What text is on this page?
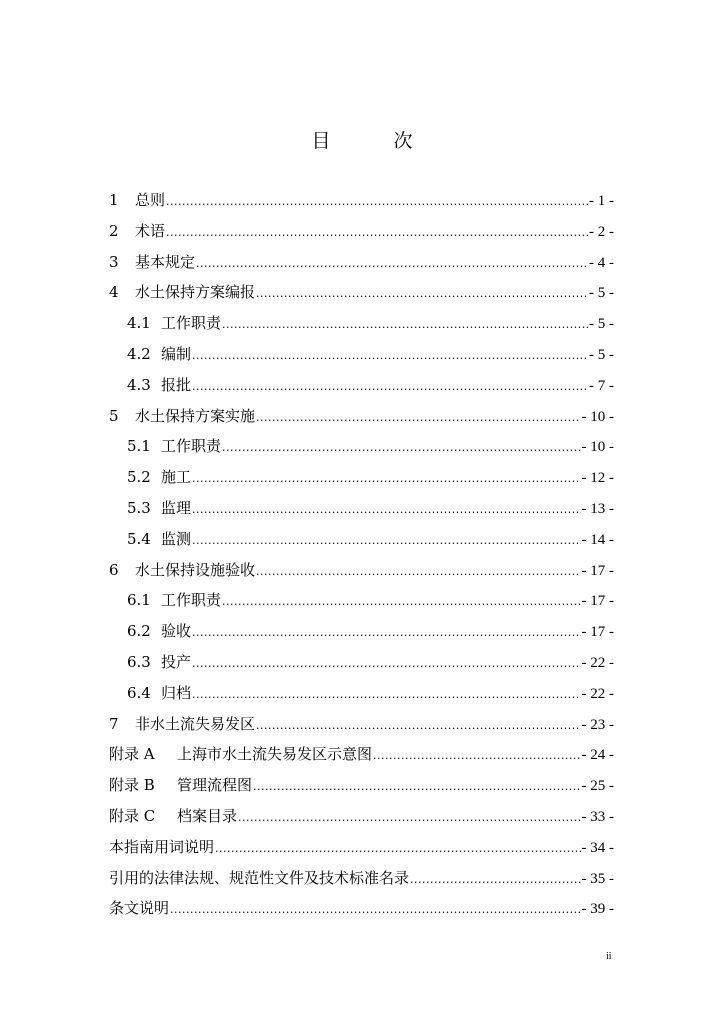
目　次
1 总则 .....	- 1 -
2 术语 .....	- 2 -
3 基本规定 .....	- 4 -
4 水土保持方案编报 .....	- 5 -
4.1 工作职责 .....	- 5 -
4.2 编制 .....	- 5 -
4.3 报批 .....	- 7 -
5 水土保持方案实施 .....	- 10 -
5.1 工作职责 .....	- 10 -
5.2 施工 .....	- 12 -
5.3 监理 .....	- 13 -
5.4 监测 .....	- 14 -
6 水土保持设施验收 .....	- 17 -
6.1 工作职责 .....	- 17 -
6.2 验收 .....	- 17 -
6.3 投产 .....	- 22 -
6.4 归档 .....	- 22 -
7 非水土流失易发区 .....	- 23 -
附录 A 上海市水土流失易发区示意图 .....	- 24 -
附录 B 管理流程图 .....	- 25 -
附录 C 档案目录 .....	- 33 -
本指南用词说明 .....	- 34 -
引用的法律法规、规范性文件及技术标准名录 .....	- 35 -
条文说明 .....	- 39 -
ii
